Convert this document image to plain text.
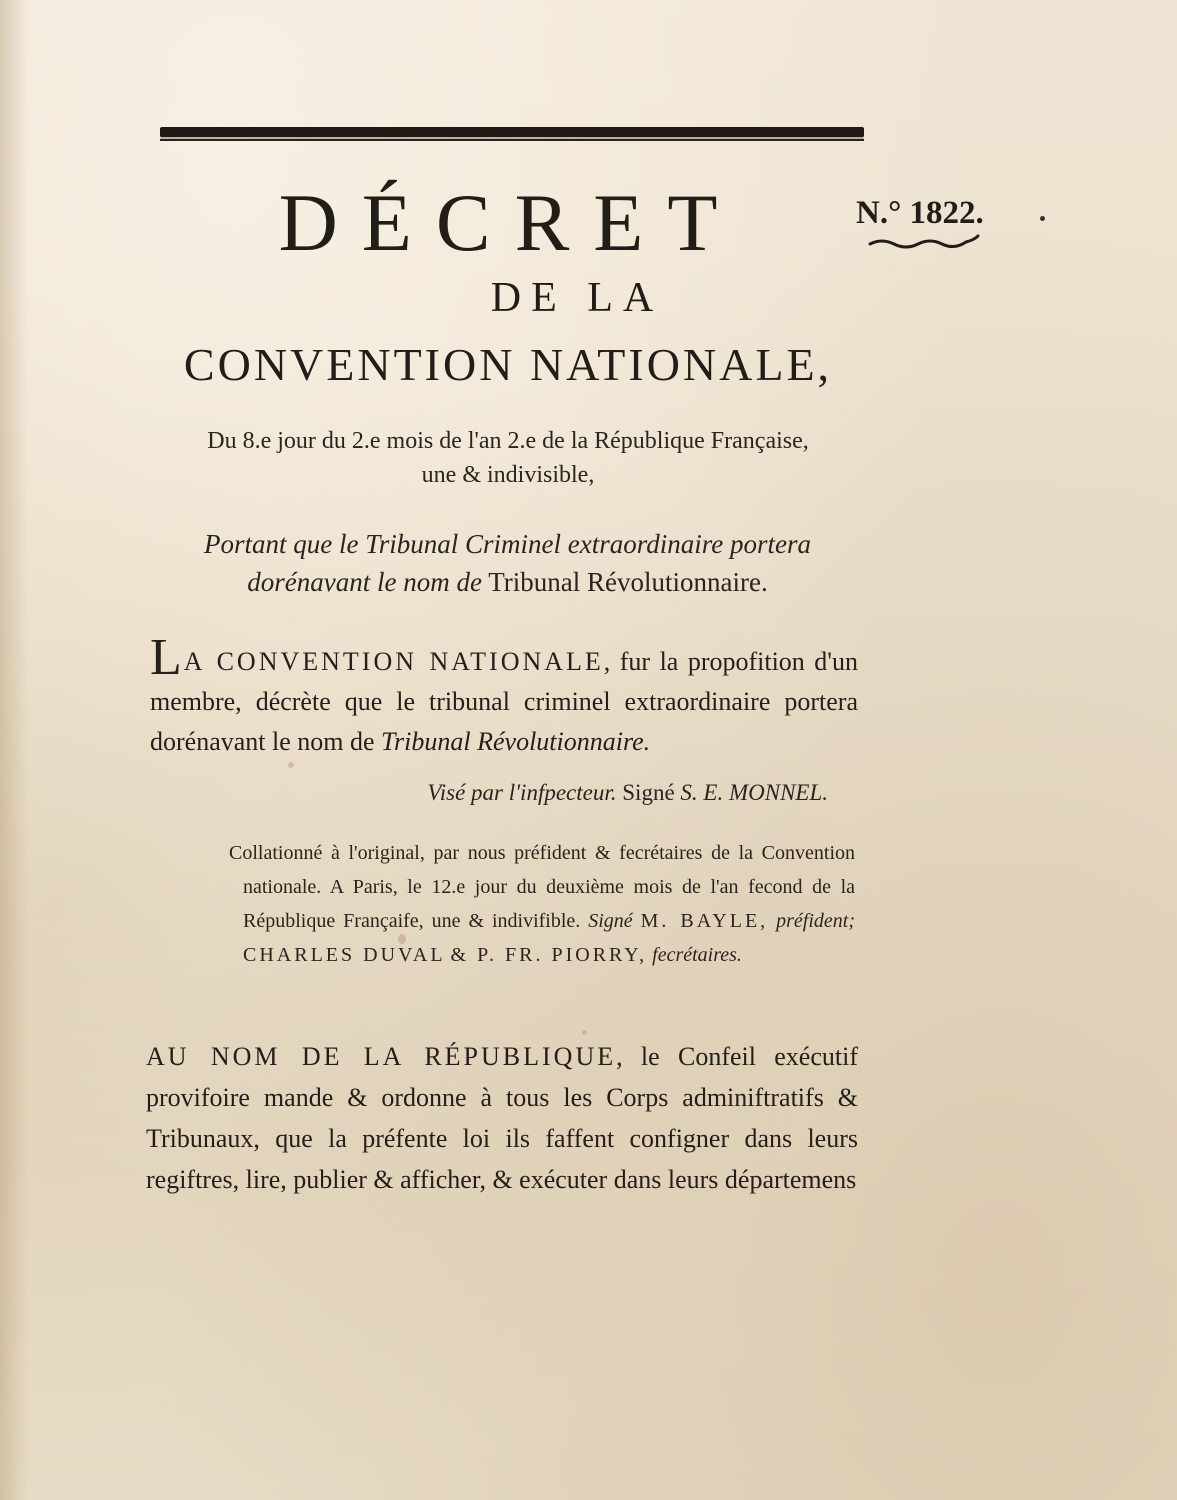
DÉCRET	N.° 1822.
DE LA
CONVENTION NATIONALE,
Du 8.e jour du 2.e mois de l'an 2.e de la République Française,
une & indivisible,
Portant que le Tribunal Criminel extraordinaire portera
dorénavant le nom de Tribunal Révolutionnaire.
LA CONVENTION NATIONALE, fur la propofition d'un membre, décrète que le tribunal criminel extraordinaire portera dorénavant le nom de Tribunal Révolutionnaire.
Visé par l'infpecteur. Signé S. E. MONNEL.
Collationné à l'original, par nous préfident & fecrétaires de la Convention nationale. A Paris, le 12.e jour du deuxième mois de l'an fecond de la République Françaife, une & indivifible. Signé M. BAYLE, préfident; CHARLES DUVAL & P. FR. PIORRY, fecrétaires.
AU NOM DE LA RÉPUBLIQUE, le Confeil exécutif provifoire mande & ordonne à tous les Corps adminiftratifs & Tribunaux, que la préfente loi ils faffent configner dans leurs regiftres, lire, publier & afficher, & exécuter dans leurs départemens
